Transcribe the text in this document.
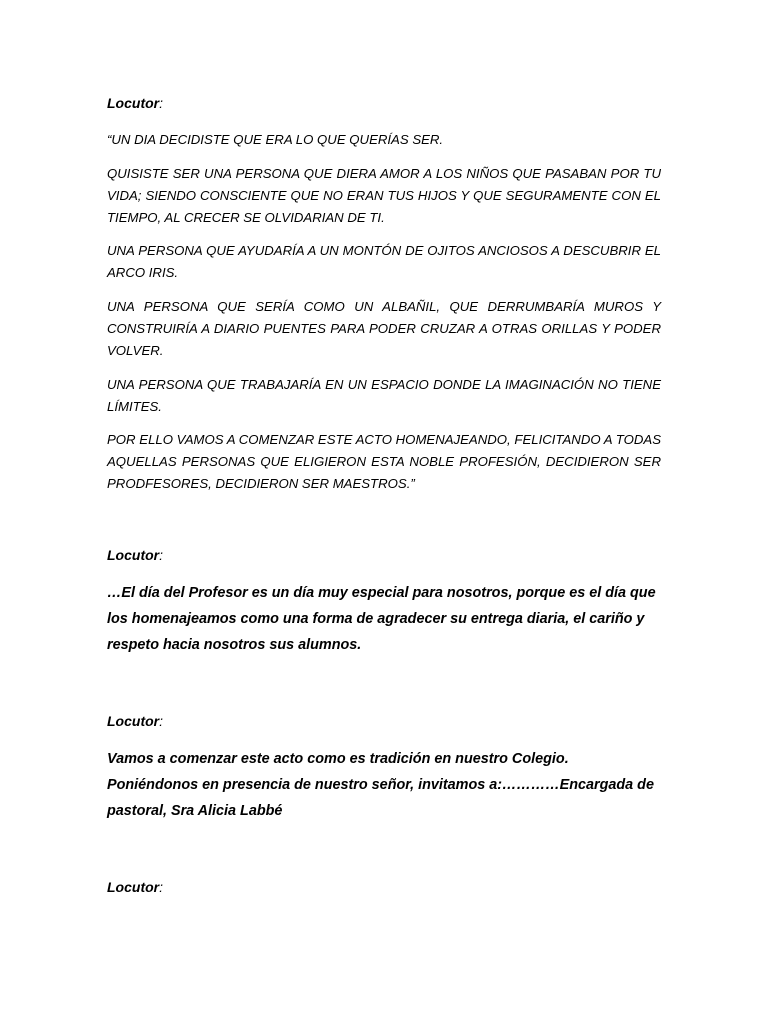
Locutor:

“UN DIA DECIDISTE QUE ERA LO QUE QUERÍAS SER.

QUISISTE SER UNA PERSONA QUE DIERA AMOR A LOS NIÑOS QUE PASABAN POR TU VIDA; SIENDO CONSCIENTE QUE NO ERAN TUS HIJOS Y QUE SEGURAMENTE CON EL TIEMPO, AL CRECER SE OLVIDARIAN DE TI.

UNA PERSONA QUE AYUDARÍA A UN MONTÓN DE OJITOS ANCIOSOS A DESCUBRIR EL ARCO IRIS.

UNA PERSONA QUE SERÍA COMO UN ALBAÑIL, QUE DERRUMBARÍA MUROS Y CONSTRUIRÍA A DIARIO PUENTES PARA PODER CRUZAR A OTRAS ORILLAS Y PODER VOLVER.

UNA PERSONA QUE TRABAJARÍA EN UN ESPACIO DONDE LA IMAGINACIÓN NO TIENE LÍMITES.

POR ELLO VAMOS A COMENZAR ESTE ACTO HOMENAJEANDO, FELICITANDO A TODAS AQUELLAS PERSONAS QUE ELIGIERON ESTA NOBLE PROFESIÓN, DECIDIERON SER PRODFESORES, DECIDIERON SER MAESTROS.”

Locutor:

…El día del Profesor es un día muy especial para nosotros, porque es el día que los homenajeamos como una forma de agradecer su entrega diaria, el cariño y respeto hacia nosotros sus alumnos.

Locutor:

Vamos a comenzar este acto como es tradición en nuestro Colegio. Poniéndonos en presencia de nuestro señor, invitamos a:…………Encargada de pastoral, Sra Alicia Labbé

Locutor:
